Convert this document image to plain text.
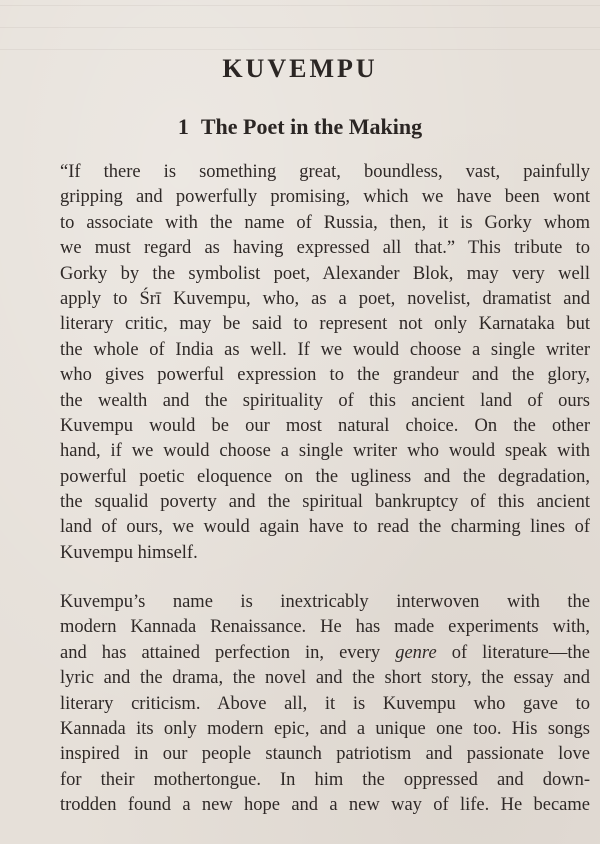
KUVEMPU
1 The Poet in the Making
“If there is something great, boundless, vast, painfully
gripping and powerfully promising, which we have been wont
to associate with the name of Russia, then, it is Gorky whom
we must regard as having expressed all that.” This tribute to
Gorky by the symbolist poet, Alexander Blok, may very well
apply to Śrī Kuvempu, who, as a poet, novelist, dramatist and
literary critic, may be said to represent not only Karnataka but
the whole of India as well. If we would choose a single writer
who gives powerful expression to the grandeur and the glory,
the wealth and the spirituality of this ancient land of ours
Kuvempu would be our most natural choice. On the other
hand, if we would choose a single writer who would speak with
powerful poetic eloquence on the ugliness and the degradation,
the squalid poverty and the spiritual bankruptcy of this ancient
land of ours, we would again have to read the charming lines of
Kuvempu himself.
Kuvempu’s name is inextricably interwoven with the
modern Kannada Renaissance. He has made experiments with,
and has attained perfection in, every genre of literature—the
lyric and the drama, the novel and the short story, the essay and
literary criticism. Above all, it is Kuvempu who gave to
Kannada its only modern epic, and a unique one too. His songs
inspired in our people staunch patriotism and passionate love
for their mothertongue. In him the oppressed and down-
trodden found a new hope and a new way of life. He became
